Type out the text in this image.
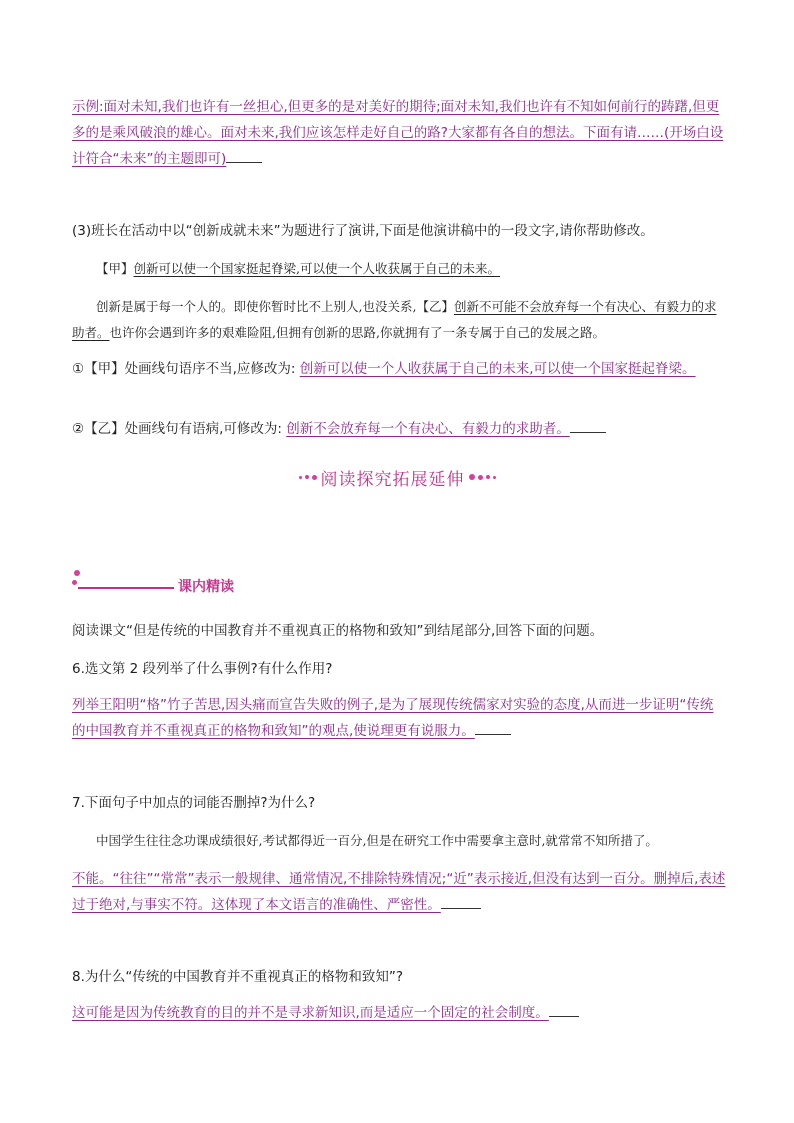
示例:面对未知,我们也许有一丝担心,但更多的是对美好的期待;面对未知,我们也许有不知如何前行的踌躇,但更多的是乘风破浪的雄心。面对未来,我们应该怎样走好自己的路?大家都有各自的想法。下面有请……(开场白设计符合“未来”的主题即可)
(3)班长在活动中以“创新成就未来”为题进行了演讲,下面是他演讲稿中的一段文字,请你帮助修改。
【甲】创新可以使一个国家挺起脊梁,可以使一个人收获属于自己的未来。
创新是属于每一个人的。即使你暂时比不上别人,也没关系,【乙】创新不可能不会放弃每一个有决心、有毅力的求助者。也许你会遇到许多的艰难险阻,但拥有创新的思路,你就拥有了一条专属于自己的发展之路。
①【甲】处画线句语序不当,应修改为: 创新可以使一个人收获属于自己的未来,可以使一个国家挺起脊梁。
②【乙】处画线句有语病,可修改为: 创新不会放弃每一个有决心、有毅力的求助者。
阅读探究拓展延伸
课内精读
阅读课文“但是传统的中国教育并不重视真正的格物和致知”到结尾部分,回答下面的问题。
6.选文第 2 段列举了什么事例?有什么作用?
列举王阳明“格”竹子苦思,因头痛而宣告失败的例子,是为了展现传统儒家对实验的态度,从而进一步证明“传统的中国教育并不重视真正的格物和致知”的观点,使说理更有说服力。
7.下面句子中加点的词能否删掉?为什么?
中国学生往往念功课成绩很好,考试都得近一百分,但是在研究工作中需要拿主意时,就常常不知所措了。
不能。“往往”“常常”表示一般规律、通常情况,不排除特殊情况;“近”表示接近,但没有达到一百分。删掉后,表述过于绝对,与事实不符。这体现了本文语言的准确性、严密性。
8.为什么“传统的中国教育并不重视真正的格物和致知”?
这可能是因为传统教育的目的并不是寻求新知识,而是适应一个固定的社会制度。
